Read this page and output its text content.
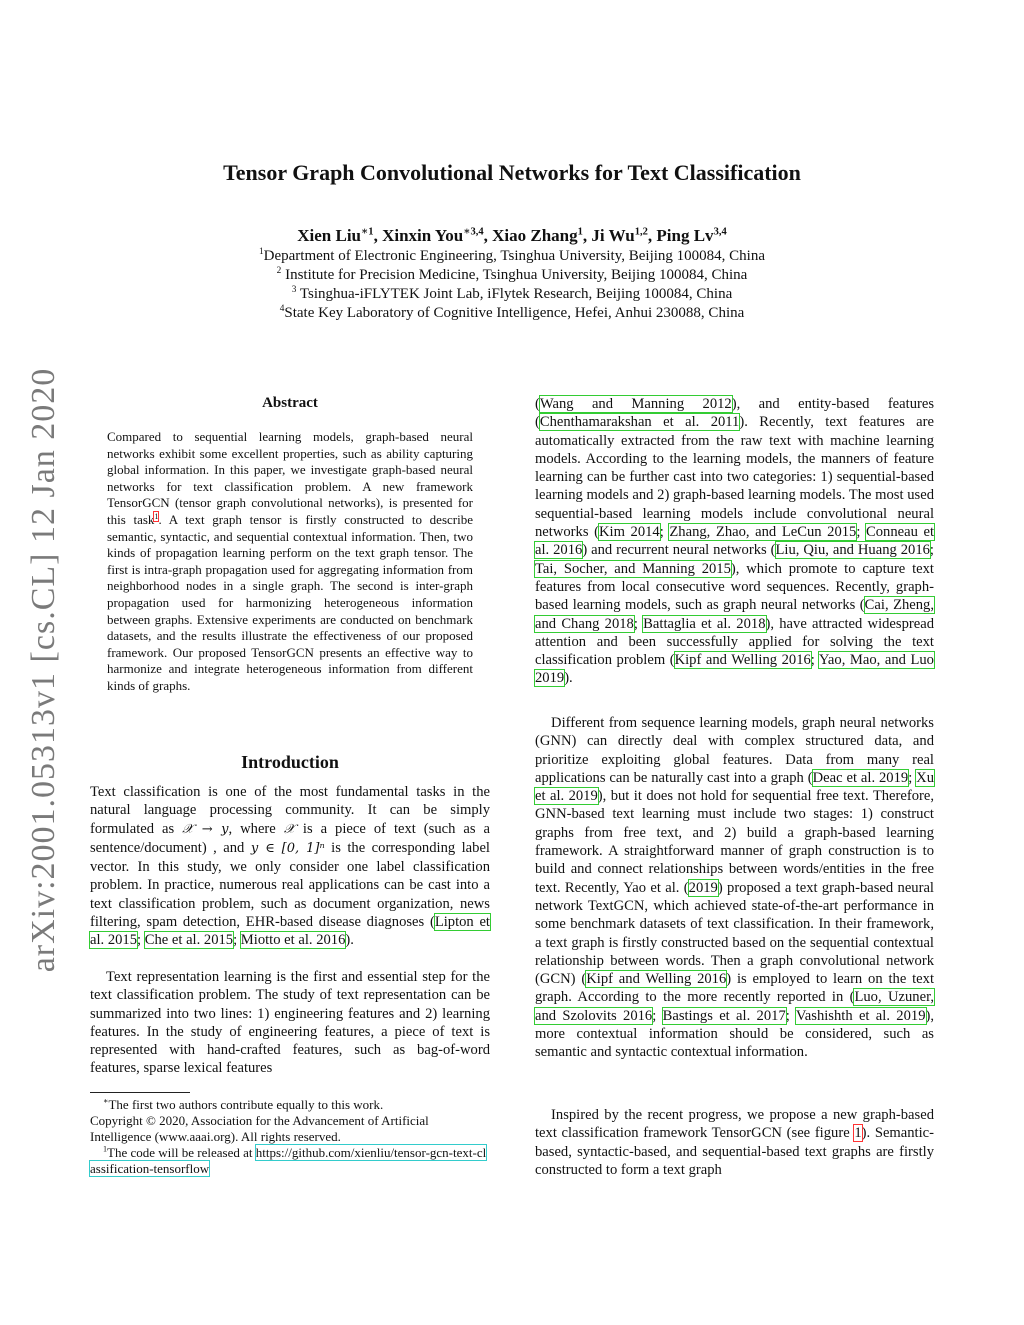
Tensor Graph Convolutional Networks for Text Classification
Xien Liu$^{∗1}$, Xinxin You$^{∗3,4}$, Xiao Zhang$^1$, Ji Wu$^{1,2}$, Ping Lv$^{3,4}$
$^1$Department of Electronic Engineering, Tsinghua University, Beijing 100084, China
$^2$ Institute for Precision Medicine, Tsinghua University, Beijing 100084, China
$^3$ Tsinghua-iFLYTEK Joint Lab, iFlytek Research, Beijing 100084, China
$^4$State Key Laboratory of Cognitive Intelligence, Hefei, Anhui 230088, China
arXiv:2001.05313v1 [cs.CL] 12 Jan 2020	Abstract
Compared to sequential learning models, graph-based neural networks exhibit some excellent properties, such as ability capturing global information. In this paper, we investigate graph-based neural networks for text classification problem. A new framework TensorGCN (tensor graph convolutional networks), is presented for this task$^1$. A text graph tensor is firstly constructed to describe semantic, syntactic, and sequential contextual information. Then, two kinds of propagation learning perform on the text graph tensor. The first is intra-graph propagation used for aggregating information from neighborhood nodes in a single graph. The second is inter-graph propagation used for harmonizing heterogeneous information between graphs. Extensive experiments are conducted on benchmark datasets, and the results illustrate the effectiveness of our proposed framework. Our proposed TensorGCN presents an effective way to harmonize and integrate heterogeneous information from different kinds of graphs.
Introduction
Text classification is one of the most fundamental tasks in the natural language processing community. It can be simply formulated as 𝒳 → y, where 𝒳 is a piece of text (such as a sentence/document) , and y ∈ [0, 1]ⁿ is the corresponding label vector. In this study, we only consider one label classification problem. In practice, numerous real applications can be cast into a text classification problem, such as document organization, news filtering, spam detection, EHR-based disease diagnoses (Lipton et al. 2015; Che et al. 2015; Miotto et al. 2016).
Text representation learning is the first and essential step for the text classification problem. The study of text representation can be summarized into two lines: 1) engineering features and 2) learning features. In the study of engineering features, a piece of text is represented with hand-crafted features, such as bag-of-word features, sparse lexical features
∗The first two authors contribute equally to this work.
Copyright © 2020, Association for the Advancement of Artificial Intelligence (www.aaai.org). All rights reserved.
$^1$The code will be released at https://github.com/xienliu/tensor-gcn-text-classification-tensorflow
(Wang and Manning 2012), and entity-based features (Chenthamarakshan et al. 2011). Recently, text features are automatically extracted from the raw text with machine learning models. According to the learning models, the manners of feature learning can be further cast into two categories: 1) sequential-based learning models and 2) graph-based learning models. The most used sequential-based learning models include convolutional neural networks (Kim 2014; Zhang, Zhao, and LeCun 2015; Conneau et al. 2016) and recurrent neural networks (Liu, Qiu, and Huang 2016; Tai, Socher, and Manning 2015), which promote to capture text features from local consecutive word sequences. Recently, graph-based learning models, such as graph neural networks (Cai, Zheng, and Chang 2018; Battaglia et al. 2018), have attracted widespread attention and been successfully applied for solving the text classification problem (Kipf and Welling 2016; Yao, Mao, and Luo 2019).
Different from sequence learning models, graph neural networks (GNN) can directly deal with complex structured data, and prioritize exploiting global features. Data from many real applications can be naturally cast into a graph (Deac et al. 2019; Xu et al. 2019), but it does not hold for sequential free text. Therefore, GNN-based text learning must include two stages: 1) construct graphs from free text, and 2) build a graph-based learning framework. A straightforward manner of graph construction is to build and connect relationships between words/entities in the free text. Recently, Yao et al. (2019) proposed a text graph-based neural network TextGCN, which achieved state-of-the-art performance in some benchmark datasets of text classification. In their framework, a text graph is firstly constructed based on the sequential contextual relationship between words. Then a graph convolutional network (GCN) (Kipf and Welling 2016) is employed to learn on the text graph. According to the more recently reported in (Luo, Uzuner, and Szolovits 2016; Bastings et al. 2017; Vashishth et al. 2019), more contextual information should be considered, such as semantic and syntactic contextual information.
Inspired by the recent progress, we propose a new graph-based text classification framework TensorGCN (see figure 1). Semantic-based, syntactic-based, and sequential-based text graphs are firstly constructed to form a text graph
